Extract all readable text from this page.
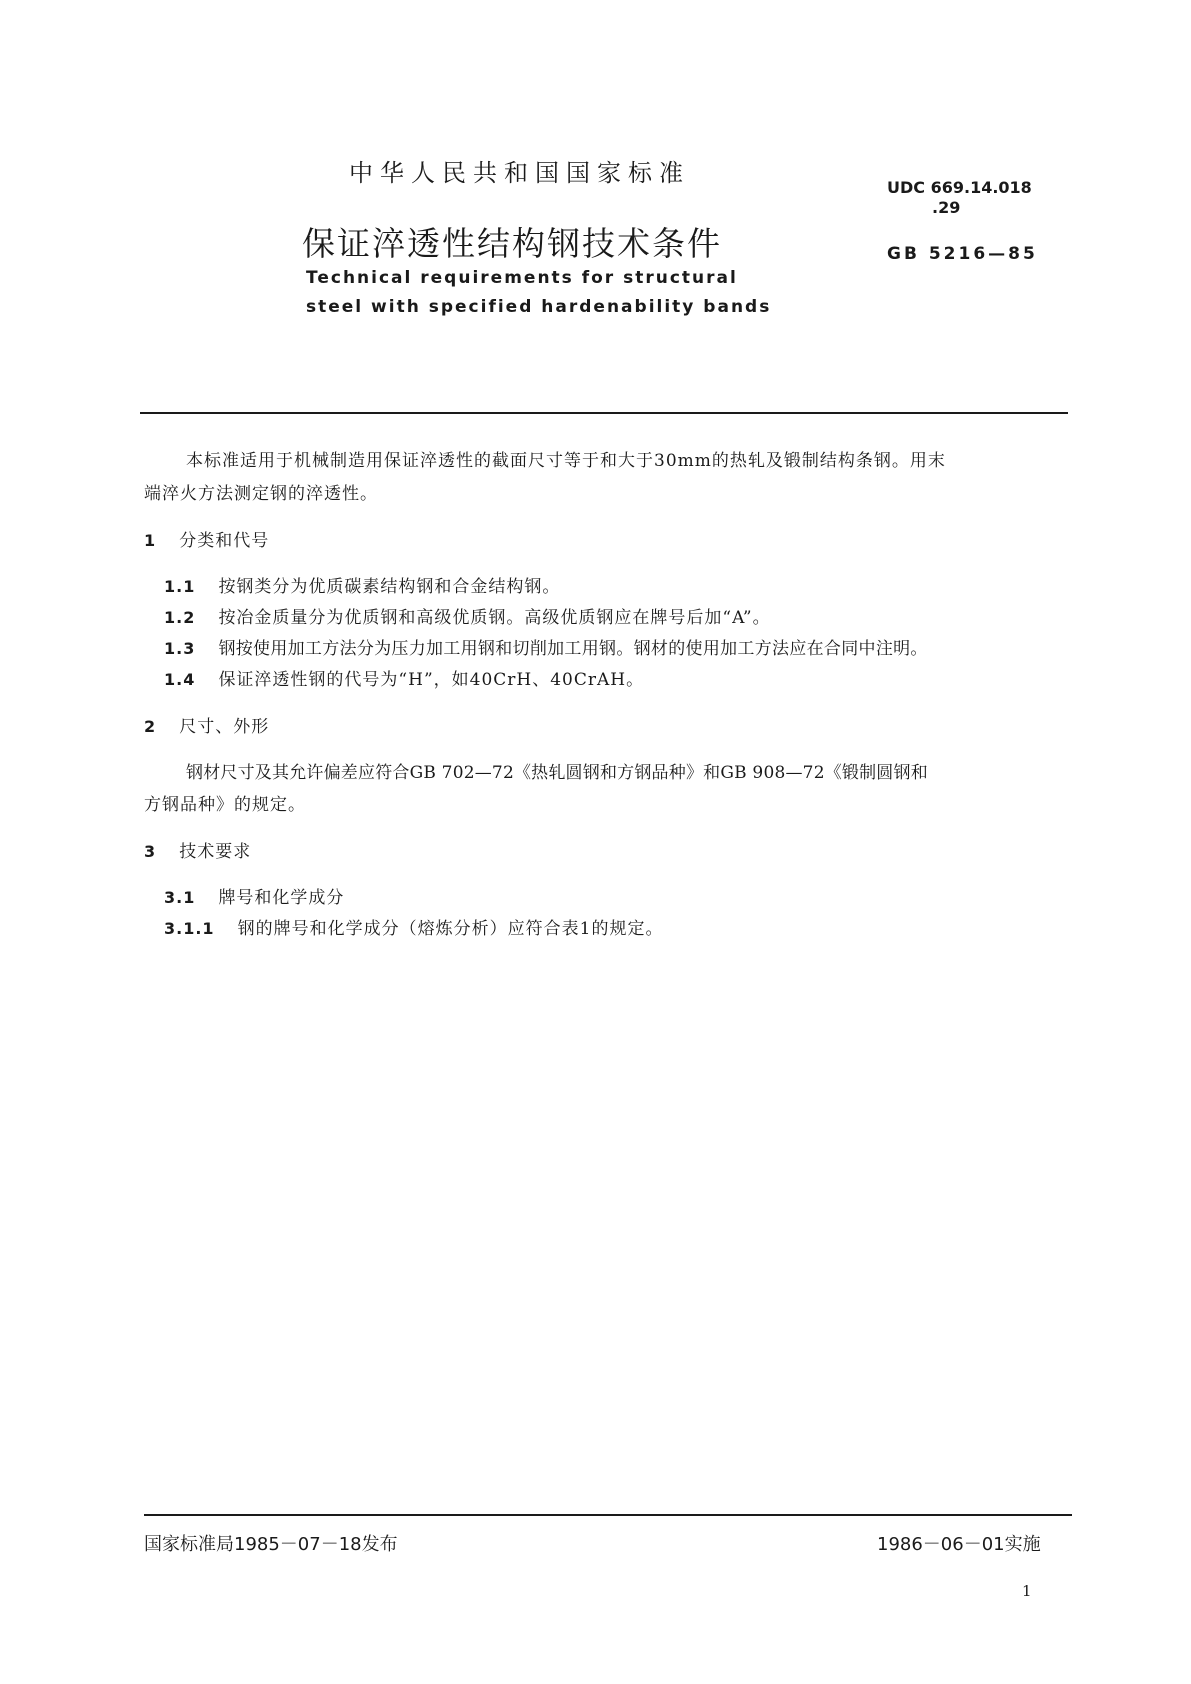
中华人民共和国国家标准
保证淬透性结构钢技术条件
Technical requirements for structural
steel with specified hardenability bands
UDC 669.14.018
.29
GB 5216—85
本标准适用于机械制造用保证淬透性的截面尺寸等于和大于30mm的热轧及锻制结构条钢。用末
端淬火方法测定钢的淬透性。
1 分类和代号
1.1 按钢类分为优质碳素结构钢和合金结构钢。
1.2 按冶金质量分为优质钢和高级优质钢。高级优质钢应在牌号后加“A”。
1.3 钢按使用加工方法分为压力加工用钢和切削加工用钢。钢材的使用加工方法应在合同中注明。
1.4 保证淬透性钢的代号为“H”，如40CrH、40CrAH。
2 尺寸、外形
钢材尺寸及其允许偏差应符合GB 702—72《热轧圆钢和方钢品种》和GB 908—72《锻制圆钢和
方钢品种》的规定。
3 技术要求
3.1 牌号和化学成分
3.1.1 钢的牌号和化学成分（熔炼分析）应符合表1的规定。
国家标准局1985－07－18发布	1986－06－01实施
1
